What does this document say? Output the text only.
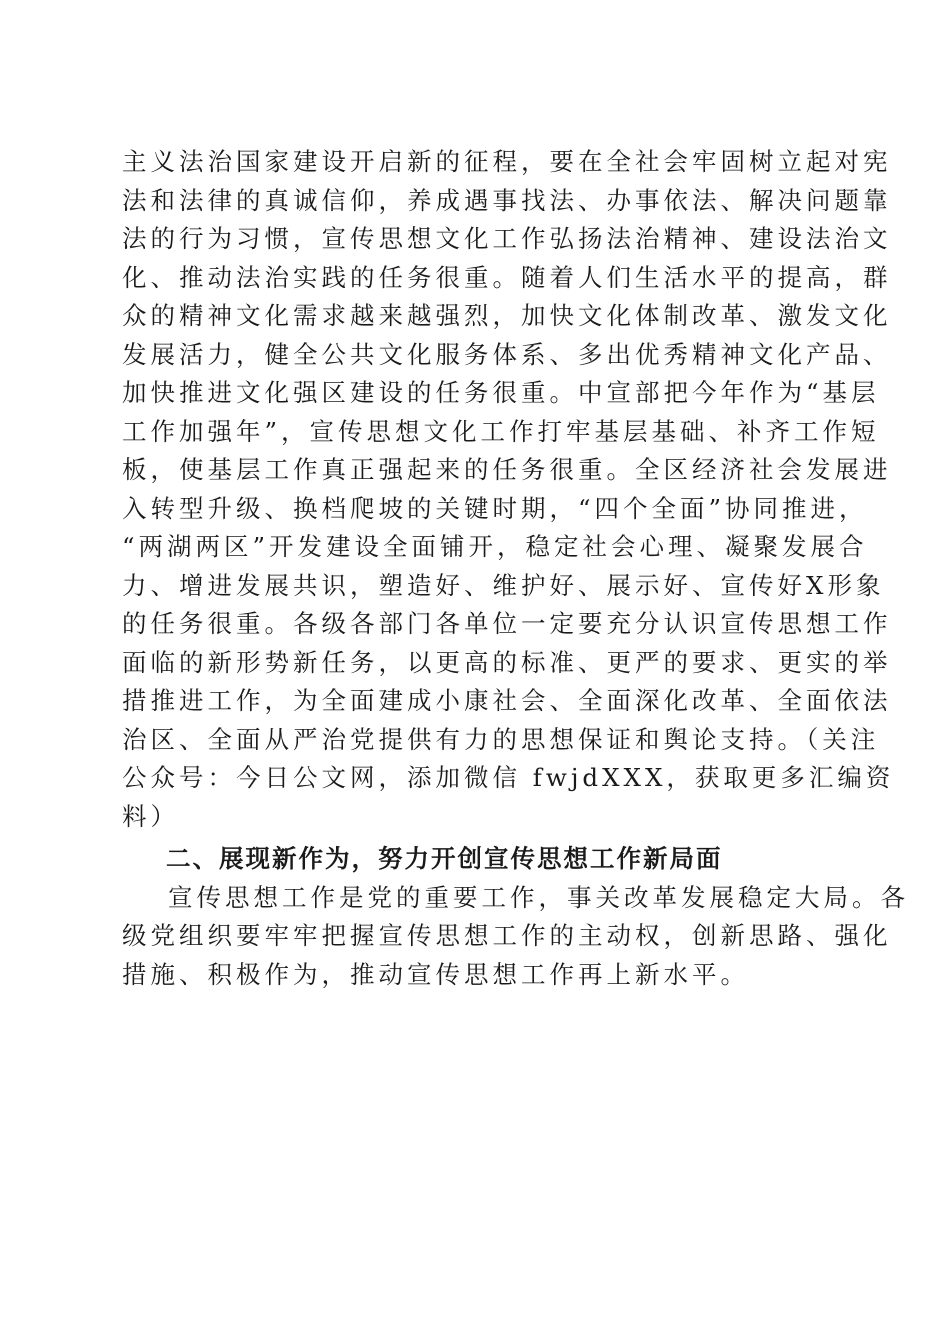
主义法治国家建设开启新的征程，要在全社会牢固树立起对宪
法和法律的真诚信仰，养成遇事找法、办事依法、解决问题靠
法的行为习惯，宣传思想文化工作弘扬法治精神、建设法治文
化、推动法治实践的任务很重。随着人们生活水平的提高，群
众的精神文化需求越来越强烈，加快文化体制改革、激发文化
发展活力，健全公共文化服务体系、多出优秀精神文化产品、
加快推进文化强区建设的任务很重。中宣部把今年作为“基层
工作加强年”，宣传思想文化工作打牢基层基础、补齐工作短
板，使基层工作真正强起来的任务很重。全区经济社会发展进
入转型升级、换档爬坡的关键时期，“四个全面”协同推进，
“两湖两区”开发建设全面铺开，稳定社会心理、凝聚发展合
力、增进发展共识，塑造好、维护好、展示好、宣传好X形象
的任务很重。各级各部门各单位一定要充分认识宣传思想工作
面临的新形势新任务，以更高的标准、更严的要求、更实的举
措推进工作，为全面建成小康社会、全面深化改革、全面依法
治区、全面从严治党提供有力的思想保证和舆论支持。（关注
公众号：今日公文网，添加微信 fwjdXXX，获取更多汇编资
料）
二、展现新作为，努力开创宣传思想工作新局面
宣传思想工作是党的重要工作，事关改革发展稳定大局。各
级党组织要牢牢把握宣传思想工作的主动权，创新思路、强化
措施、积极作为，推动宣传思想工作再上新水平。
